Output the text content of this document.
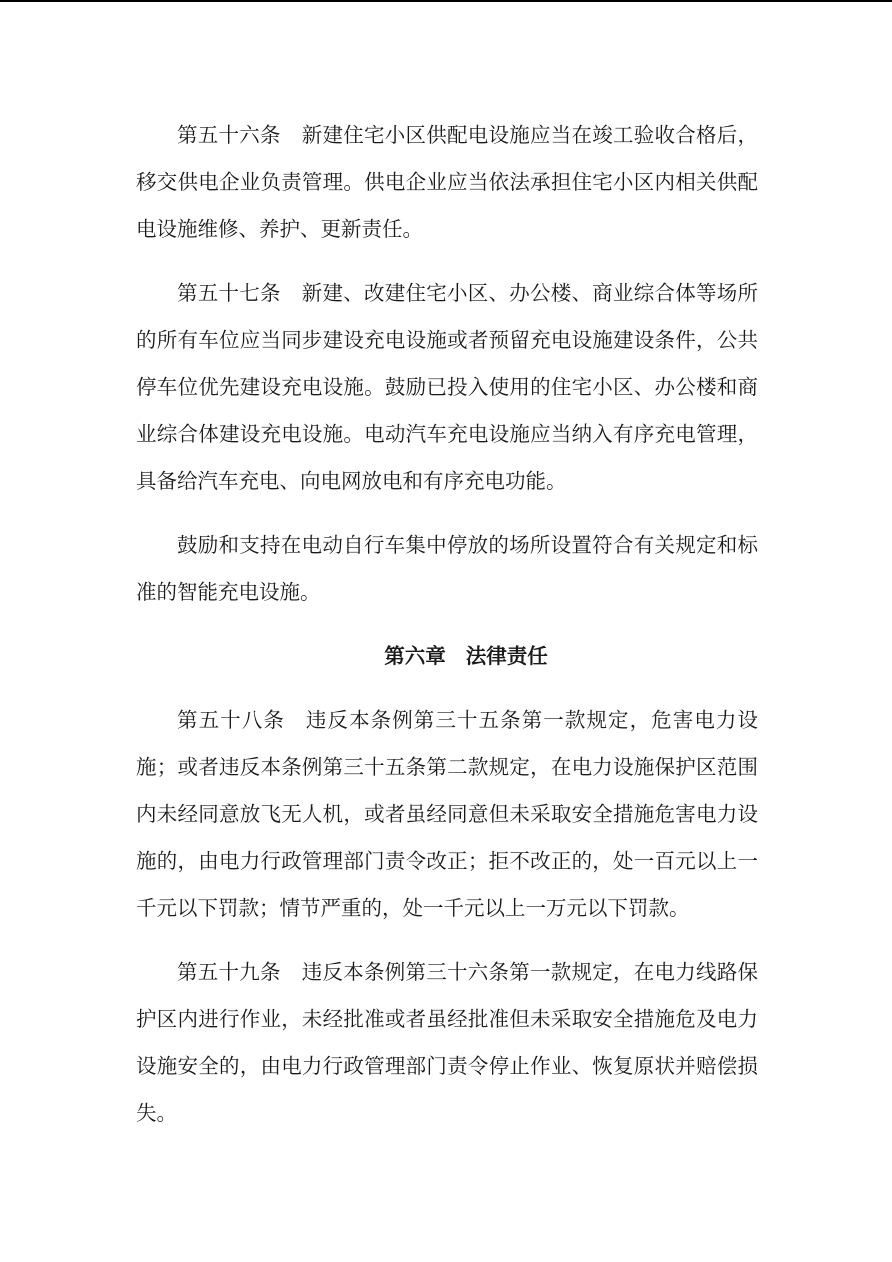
第五十六条 新建住宅小区供配电设施应当在竣工验收合格后，移交供电企业负责管理。供电企业应当依法承担住宅小区内相关供配电设施维修、养护、更新责任。

第五十七条 新建、改建住宅小区、办公楼、商业综合体等场所的所有车位应当同步建设充电设施或者预留充电设施建设条件，公共停车位优先建设充电设施。鼓励已投入使用的住宅小区、办公楼和商业综合体建设充电设施。电动汽车充电设施应当纳入有序充电管理，具备给汽车充电、向电网放电和有序充电功能。

鼓励和支持在电动自行车集中停放的场所设置符合有关规定和标准的智能充电设施。

第六章 法律责任

第五十八条 违反本条例第三十五条第一款规定，危害电力设施；或者违反本条例第三十五条第二款规定，在电力设施保护区范围内未经同意放飞无人机，或者虽经同意但未采取安全措施危害电力设施的，由电力行政管理部门责令改正；拒不改正的，处一百元以上一千元以下罚款；情节严重的，处一千元以上一万元以下罚款。

第五十九条 违反本条例第三十六条第一款规定，在电力线路保护区内进行作业，未经批准或者虽经批准但未采取安全措施危及电力设施安全的，由电力行政管理部门责令停止作业、恢复原状并赔偿损失。
